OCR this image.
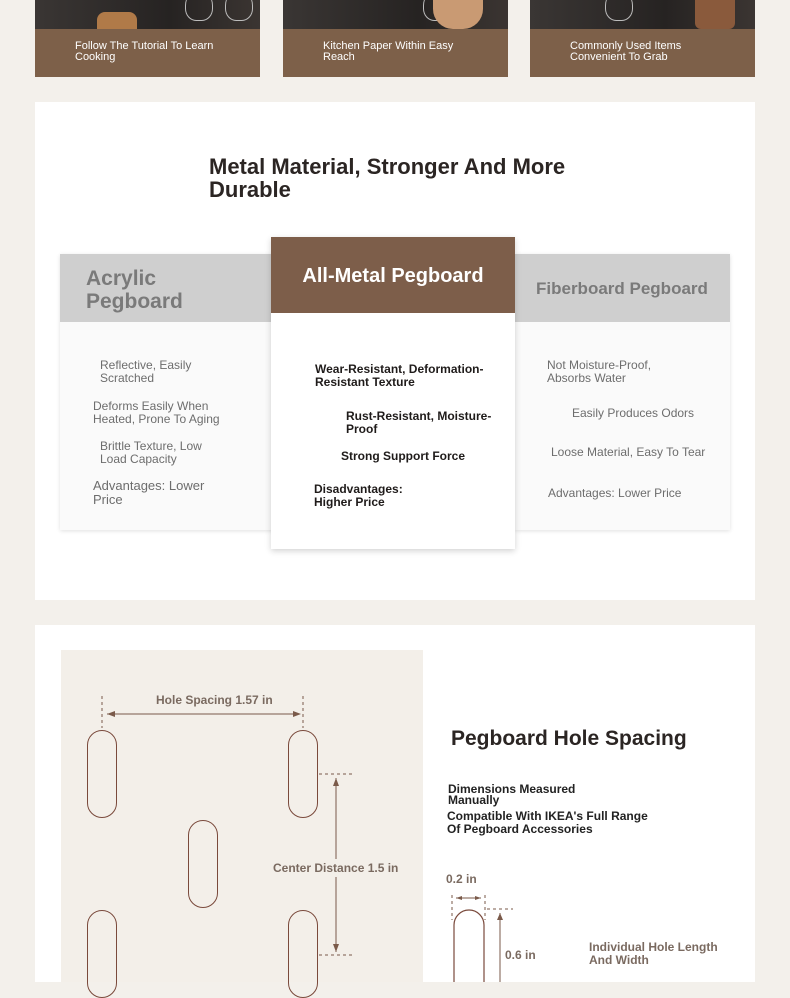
Follow The Tutorial To Learn Cooking
Kitchen Paper Within Easy Reach
Commonly Used Items Convenient To Grab
Metal Material, Stronger And More Durable
Acrylic Pegboard
Reflective, Easily Scratched
Deforms Easily When Heated, Prone To Aging
Brittle Texture, Low Load Capacity
Advantages: Lower Price
Fiberboard Pegboard
Not Moisture-Proof, Absorbs Water
Easily Produces Odors
Loose Material, Easy To Tear
Advantages: Lower Price
All-Metal Pegboard
Wear-Resistant, Deformation-Resistant Texture
Rust-Resistant, Moisture-Proof
Strong Support Force
Disadvantages: Higher Price
Hole Spacing 1.57 in
Center Distance 1.5 in
Pegboard Hole Spacing
Dimensions Measured Manually
Compatible With IKEA's Full Range Of Pegboard Accessories
0.2 in
0.6 in
Individual Hole Length And Width
